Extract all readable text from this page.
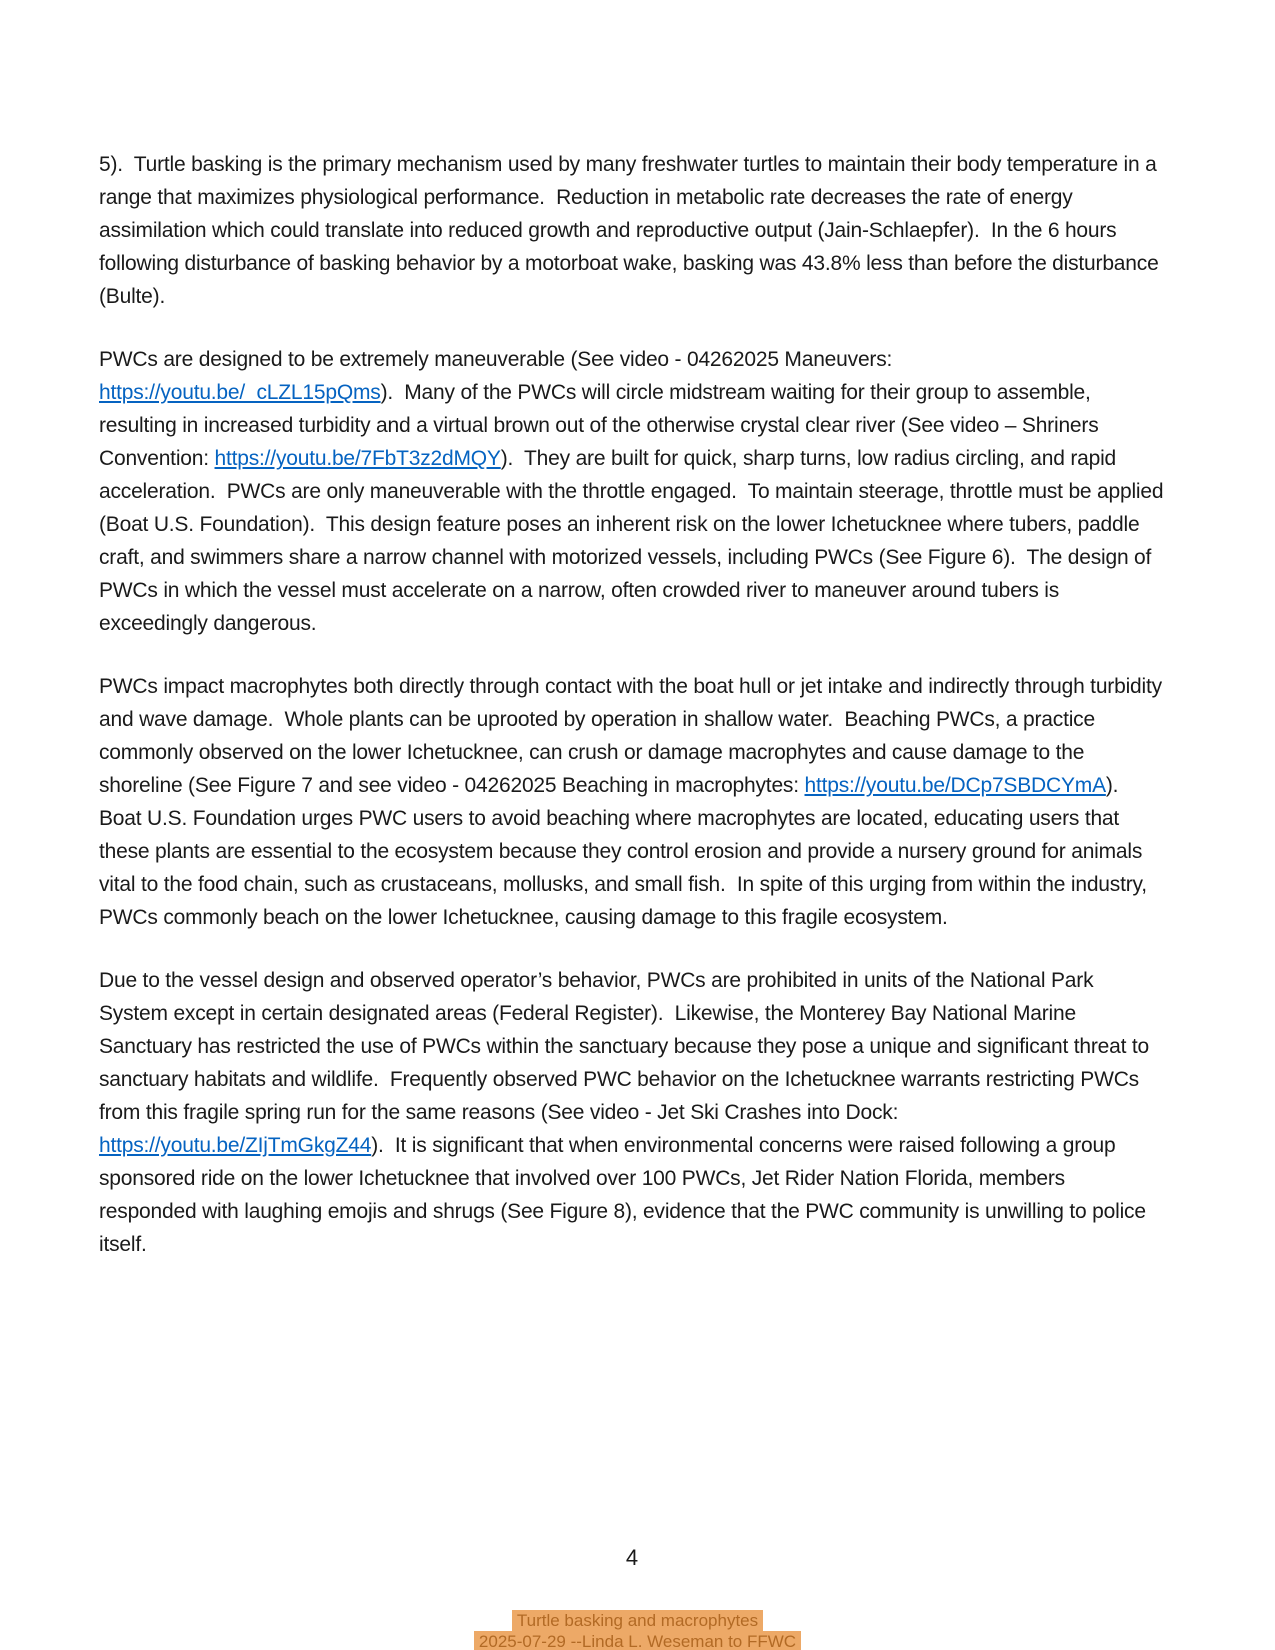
5).  Turtle basking is the primary mechanism used by many freshwater turtles to maintain their body temperature in a range that maximizes physiological performance.  Reduction in metabolic rate decreases the rate of energy assimilation which could translate into reduced growth and reproductive output (Jain-Schlaepfer).  In the 6 hours following disturbance of basking behavior by a motorboat wake, basking was 43.8% less than before the disturbance (Bulte).

PWCs are designed to be extremely maneuverable (See video - 04262025 Maneuvers: https://youtu.be/_cLZL15pQms).  Many of the PWCs will circle midstream waiting for their group to assemble, resulting in increased turbidity and a virtual brown out of the otherwise crystal clear river (See video – Shriners Convention: https://youtu.be/7FbT3z2dMQY).  They are built for quick, sharp turns, low radius circling, and rapid acceleration.  PWCs are only maneuverable with the throttle engaged.  To maintain steerage, throttle must be applied (Boat U.S. Foundation).  This design feature poses an inherent risk on the lower Ichetucknee where tubers, paddle craft, and swimmers share a narrow channel with motorized vessels, including PWCs (See Figure 6).  The design of PWCs in which the vessel must accelerate on a narrow, often crowded river to maneuver around tubers is exceedingly dangerous.

PWCs impact macrophytes both directly through contact with the boat hull or jet intake and indirectly through turbidity and wave damage.  Whole plants can be uprooted by operation in shallow water.  Beaching PWCs, a practice commonly observed on the lower Ichetucknee, can crush or damage macrophytes and cause damage to the shoreline (See Figure 7 and see video - 04262025 Beaching in macrophytes: https://youtu.be/DCp7SBDCYmA).  Boat U.S. Foundation urges PWC users to avoid beaching where macrophytes are located, educating users that these plants are essential to the ecosystem because they control erosion and provide a nursery ground for animals vital to the food chain, such as crustaceans, mollusks, and small fish.  In spite of this urging from within the industry, PWCs commonly beach on the lower Ichetucknee, causing damage to this fragile ecosystem.

Due to the vessel design and observed operator’s behavior, PWCs are prohibited in units of the National Park System except in certain designated areas (Federal Register).  Likewise, the Monterey Bay National Marine Sanctuary has restricted the use of PWCs within the sanctuary because they pose a unique and significant threat to sanctuary habitats and wildlife.  Frequently observed PWC behavior on the Ichetucknee warrants restricting PWCs from this fragile spring run for the same reasons (See video - Jet Ski Crashes into Dock: https://youtu.be/ZIjTmGkgZ44).  It is significant that when environmental concerns were raised following a group sponsored ride on the lower Ichetucknee that involved over 100 PWCs, Jet Rider Nation Florida, members responded with laughing emojis and shrugs (See Figure 8), evidence that the PWC community is unwilling to police itself.

4
Turtle basking and macrophytes
2025-07-29 --Linda L. Weseman to FFWC
